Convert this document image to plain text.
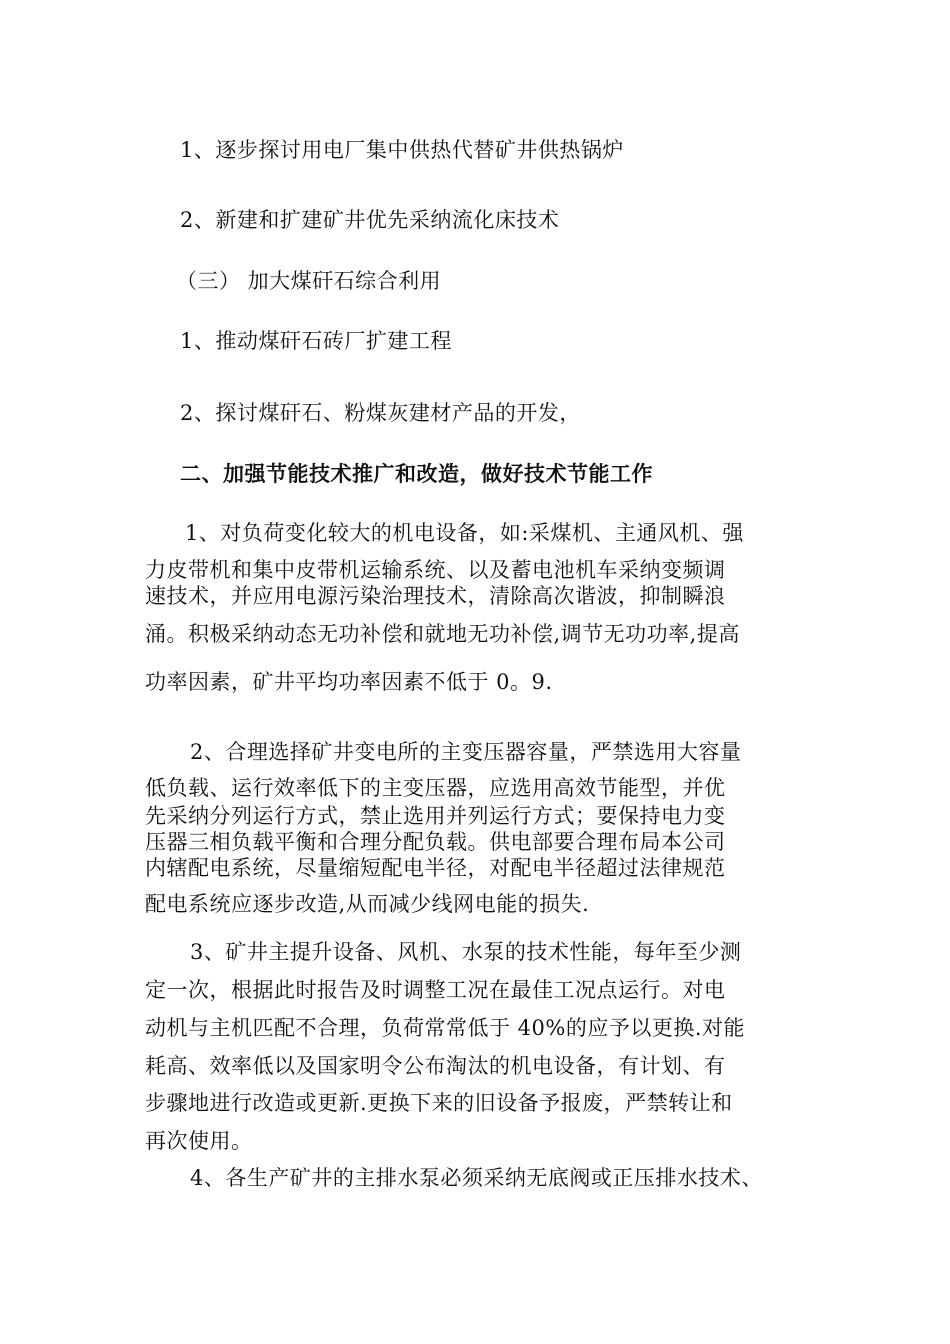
1、逐步探讨用电厂集中供热代替矿井供热锅炉
2、新建和扩建矿井优先采纳流化床技术
（三） 加大煤矸石综合利用
1、推动煤矸石砖厂扩建工程
2、探讨煤矸石、粉煤灰建材产品的开发，
二、加强节能技术推广和改造，做好技术节能工作
1、对负荷变化较大的机电设备，如:采煤机、主通风机、强
力皮带机和集中皮带机运输系统、以及蓄电池机车采纳变频调
速技术，并应用电源污染治理技术，清除高次谐波，抑制瞬浪
涌。积极采纳动态无功补偿和就地无功补偿,调节无功功率,提高
功率因素，矿井平均功率因素不低于 0。9.
2、合理选择矿井变电所的主变压器容量，严禁选用大容量
低负载、运行效率低下的主变压器，应选用高效节能型，并优
先采纳分列运行方式，禁止选用并列运行方式；要保持电力变
压器三相负载平衡和合理分配负载。供电部要合理布局本公司
内辖配电系统，尽量缩短配电半径，对配电半径超过法律规范
配电系统应逐步改造,从而减少线网电能的损失.
3、矿井主提升设备、风机、水泵的技术性能，每年至少测
定一次，根据此时报告及时调整工况在最佳工况点运行。对电
动机与主机匹配不合理，负荷常常低于 40%的应予以更换.对能
耗高、效率低以及国家明令公布淘汰的机电设备，有计划、有
步骤地进行改造或更新.更换下来的旧设备予报废，严禁转让和
再次使用。
4、各生产矿井的主排水泵必须采纳无底阀或正压排水技术、
